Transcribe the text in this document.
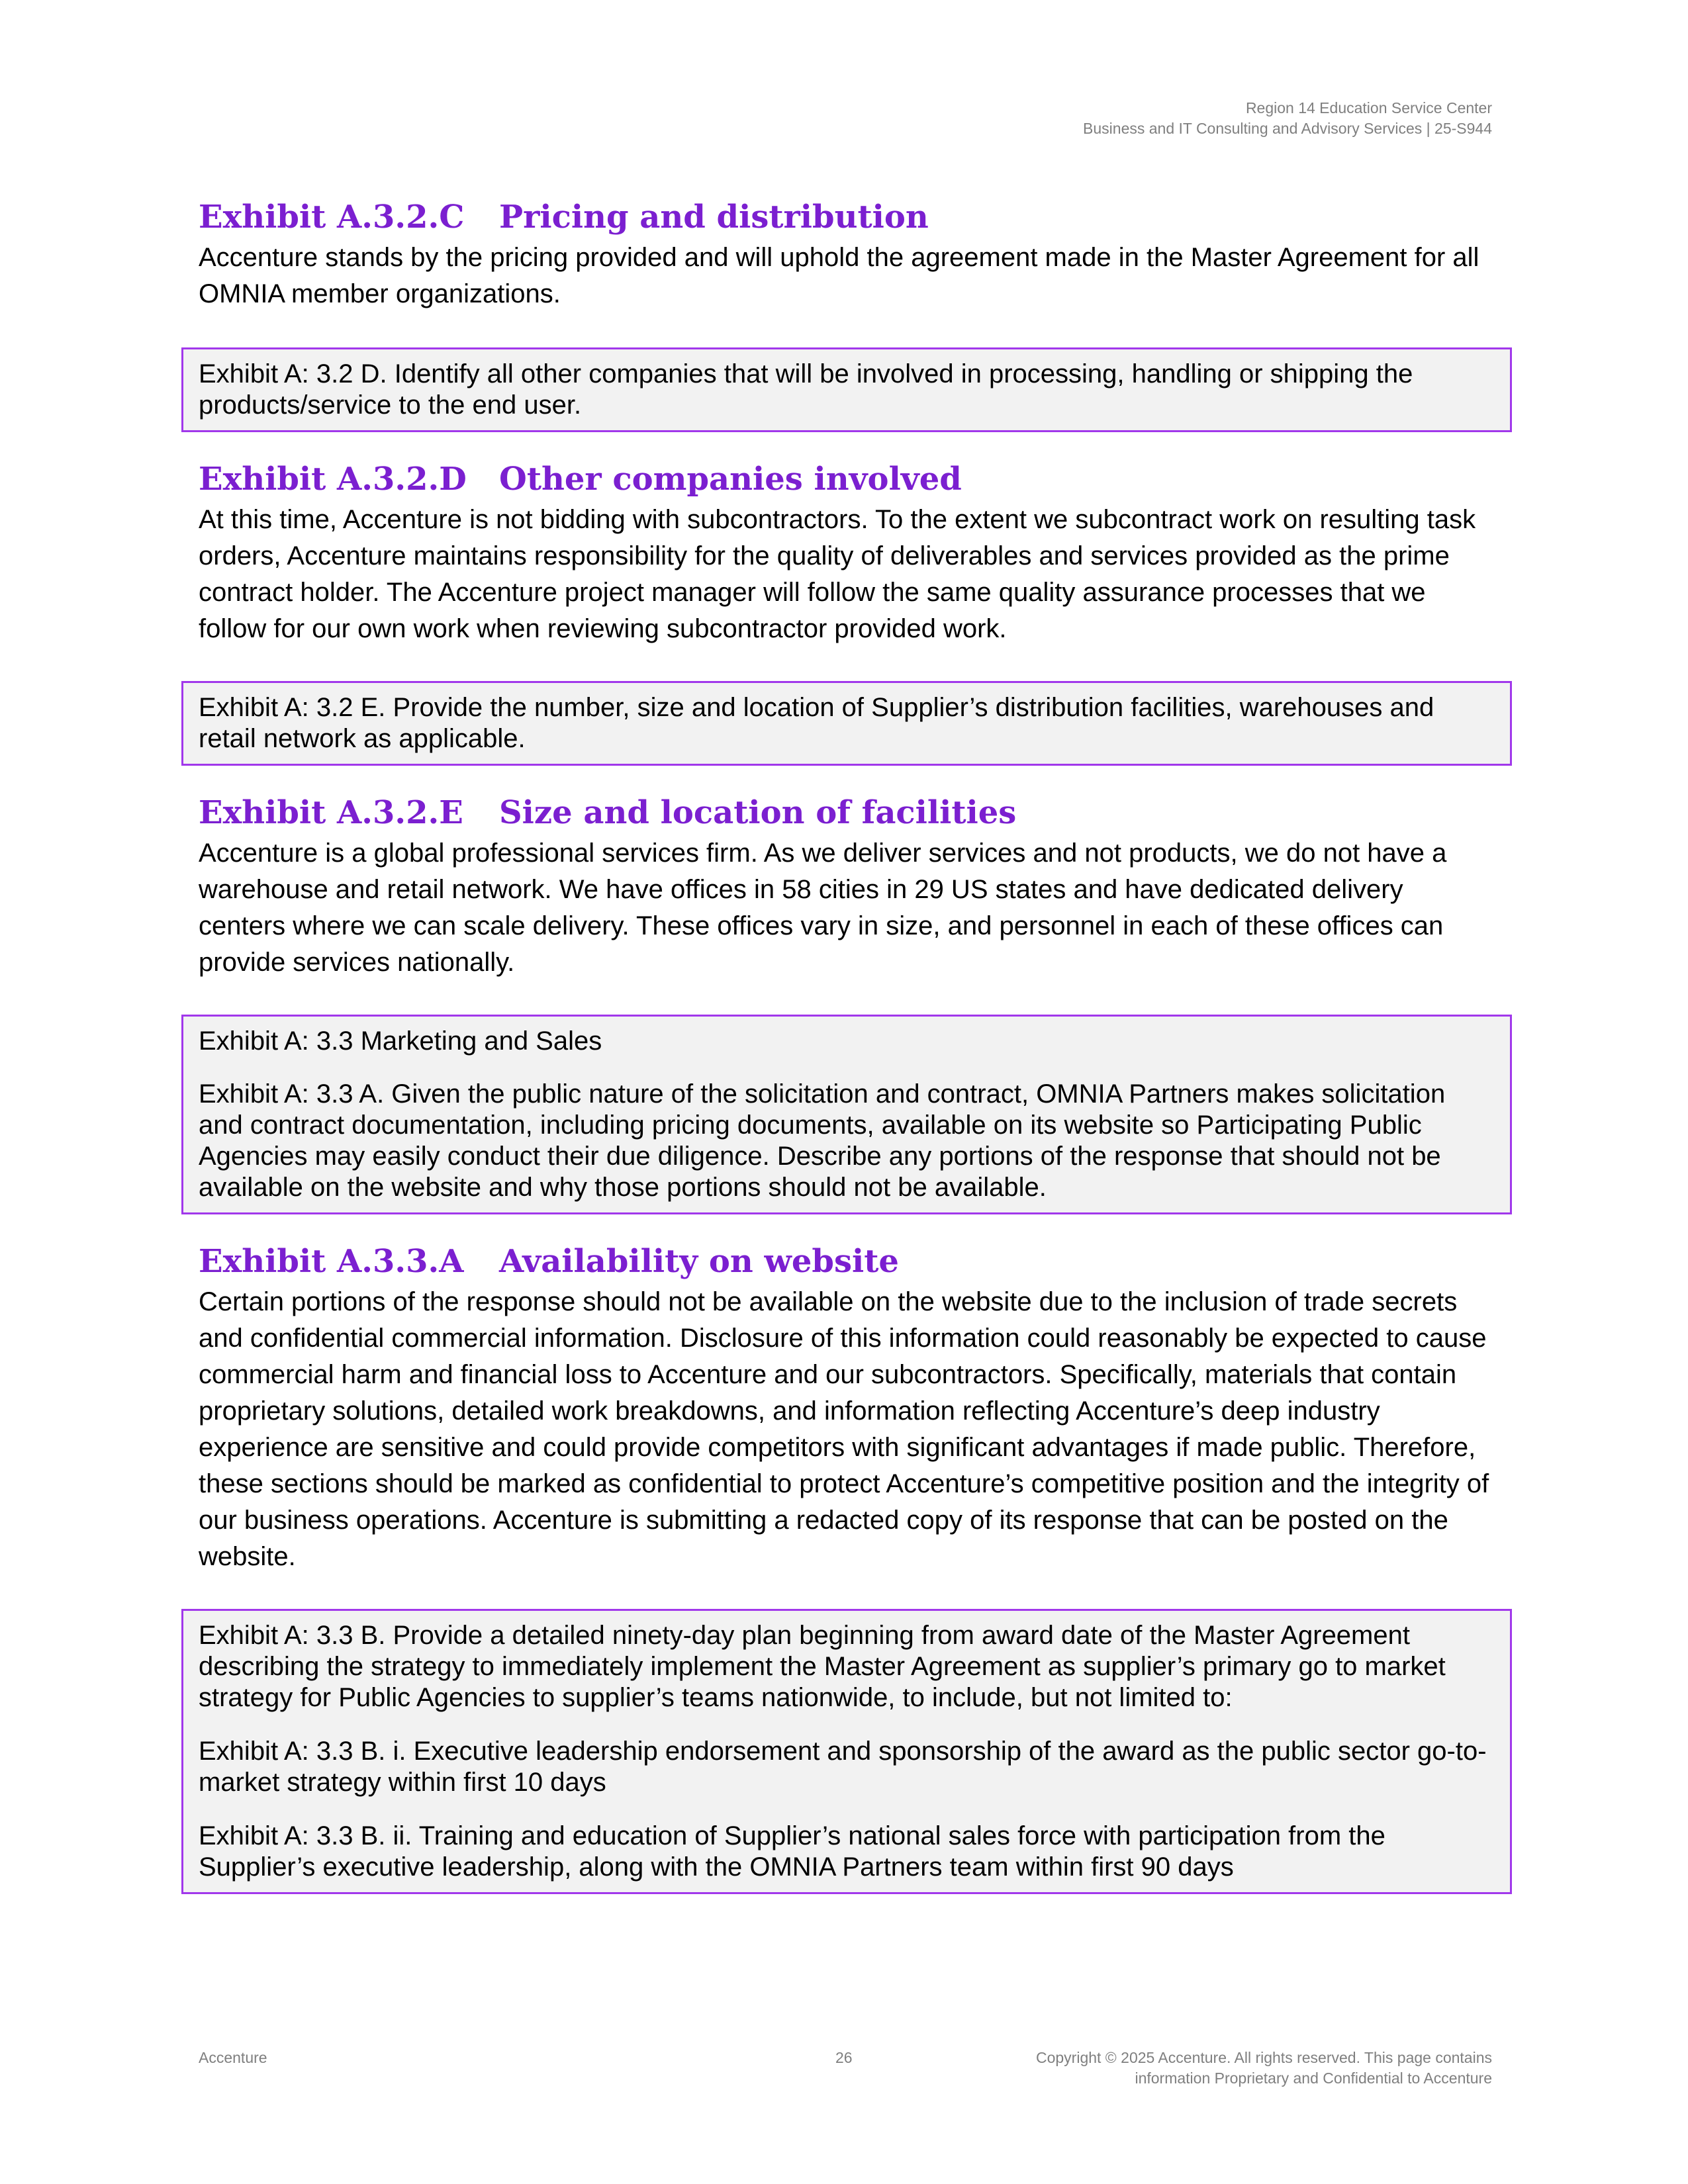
Region 14 Education Service Center
Business and IT Consulting and Advisory Services | 25-S944
Exhibit A.3.2.C	Pricing and distribution

Accenture stands by the pricing provided and will uphold the agreement made in the Master Agreement for all OMNIA member organizations.

Exhibit A: 3.2 D. Identify all other companies that will be involved in processing, handling or shipping the products/service to the end user.

Exhibit A.3.2.D	Other companies involved

At this time, Accenture is not bidding with subcontractors. To the extent we subcontract work on resulting task orders, Accenture maintains responsibility for the quality of deliverables and services provided as the prime contract holder. The Accenture project manager will follow the same quality assurance processes that we follow for our own work when reviewing subcontractor provided work.

Exhibit A: 3.2 E. Provide the number, size and location of Supplier’s distribution facilities, warehouses and retail network as applicable.

Exhibit A.3.2.E	Size and location of facilities

Accenture is a global professional services firm. As we deliver services and not products, we do not have a warehouse and retail network. We have offices in 58 cities in 29 US states and have dedicated delivery centers where we can scale delivery. These offices vary in size, and personnel in each of these offices can provide services nationally.

Exhibit A: 3.3 Marketing and Sales

Exhibit A: 3.3 A. Given the public nature of the solicitation and contract, OMNIA Partners makes solicitation and contract documentation, including pricing documents, available on its website so Participating Public Agencies may easily conduct their due diligence. Describe any portions of the response that should not be available on the website and why those portions should not be available.

Exhibit A.3.3.A	Availability on website

Certain portions of the response should not be available on the website due to the inclusion of trade secrets and confidential commercial information. Disclosure of this information could reasonably be expected to cause commercial harm and financial loss to Accenture and our subcontractors. Specifically, materials that contain proprietary solutions, detailed work breakdowns, and information reflecting Accenture’s deep industry experience are sensitive and could provide competitors with significant advantages if made public. Therefore, these sections should be marked as confidential to protect Accenture’s competitive position and the integrity of our business operations. Accenture is submitting a redacted copy of its response that can be posted on the website.

Exhibit A: 3.3 B. Provide a detailed ninety-day plan beginning from award date of the Master Agreement describing the strategy to immediately implement the Master Agreement as supplier’s primary go to market strategy for Public Agencies to supplier’s teams nationwide, to include, but not limited to:

Exhibit A: 3.3 B. i. Executive leadership endorsement and sponsorship of the award as the public sector go-to-market strategy within first 10 days

Exhibit A: 3.3 B. ii. Training and education of Supplier’s national sales force with participation from the Supplier’s executive leadership, along with the OMNIA Partners team within first 90 days

Accenture	26	Copyright © 2025 Accenture. All rights reserved. This page contains
information Proprietary and Confidential to Accenture
